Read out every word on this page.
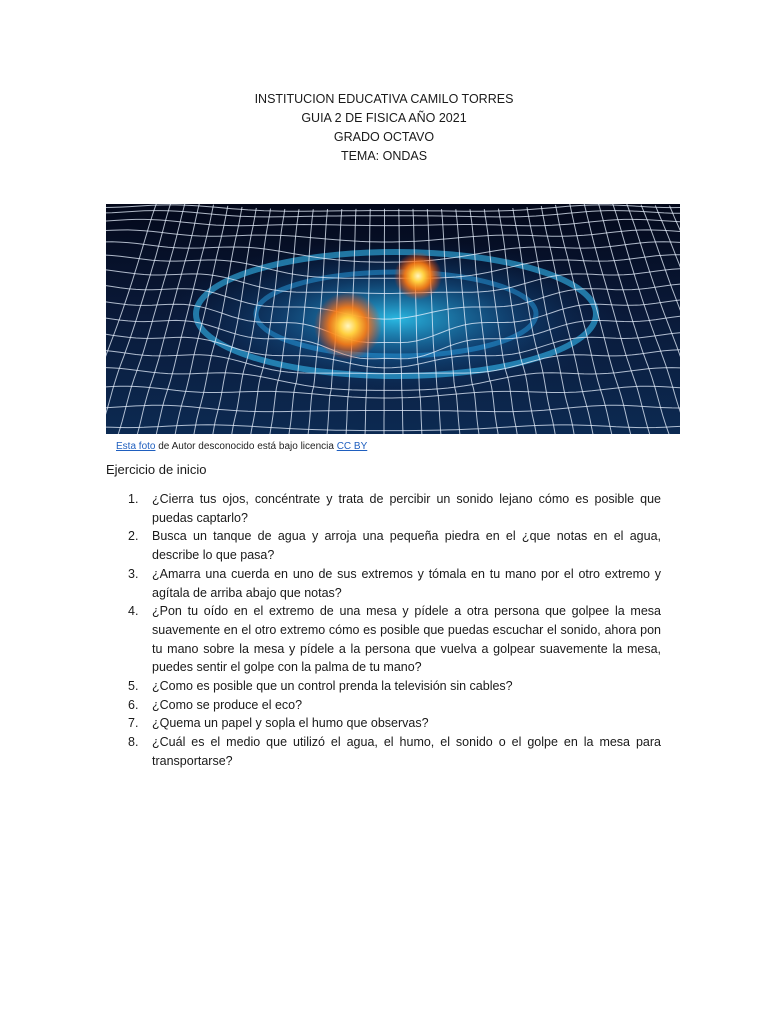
INSTITUCION EDUCATIVA CAMILO TORRES
GUIA 2 DE FISICA AÑO 2021
GRADO OCTAVO
TEMA: ONDAS
Esta foto de Autor desconocido está bajo licencia CC BY
Ejercicio de inicio
1. ¿Cierra tus ojos, concéntrate y trata de percibir un sonido lejano cómo es posible que puedas captarlo?
2. Busca un tanque de agua y arroja una pequeña piedra en el ¿que notas en el agua, describe lo que pasa?
3. ¿Amarra una cuerda en uno de sus extremos y tómala en tu mano por el otro extremo y agítala de arriba abajo que notas?
4. ¿Pon tu oído en el extremo de una mesa y pídele a otra persona que golpee la mesa suavemente en el otro extremo cómo es posible que puedas escuchar el sonido, ahora pon tu mano sobre la mesa y pídele a la persona que vuelva a golpear suavemente la mesa, puedes sentir el golpe con la palma de tu mano?
5. ¿Como es posible que un control prenda la televisión sin cables?
6. ¿Como se produce el eco?
7. ¿Quema un papel y sopla el humo que observas?
8. ¿Cuál es el medio que utilizó el agua, el humo, el sonido o el golpe en la mesa para transportarse?
